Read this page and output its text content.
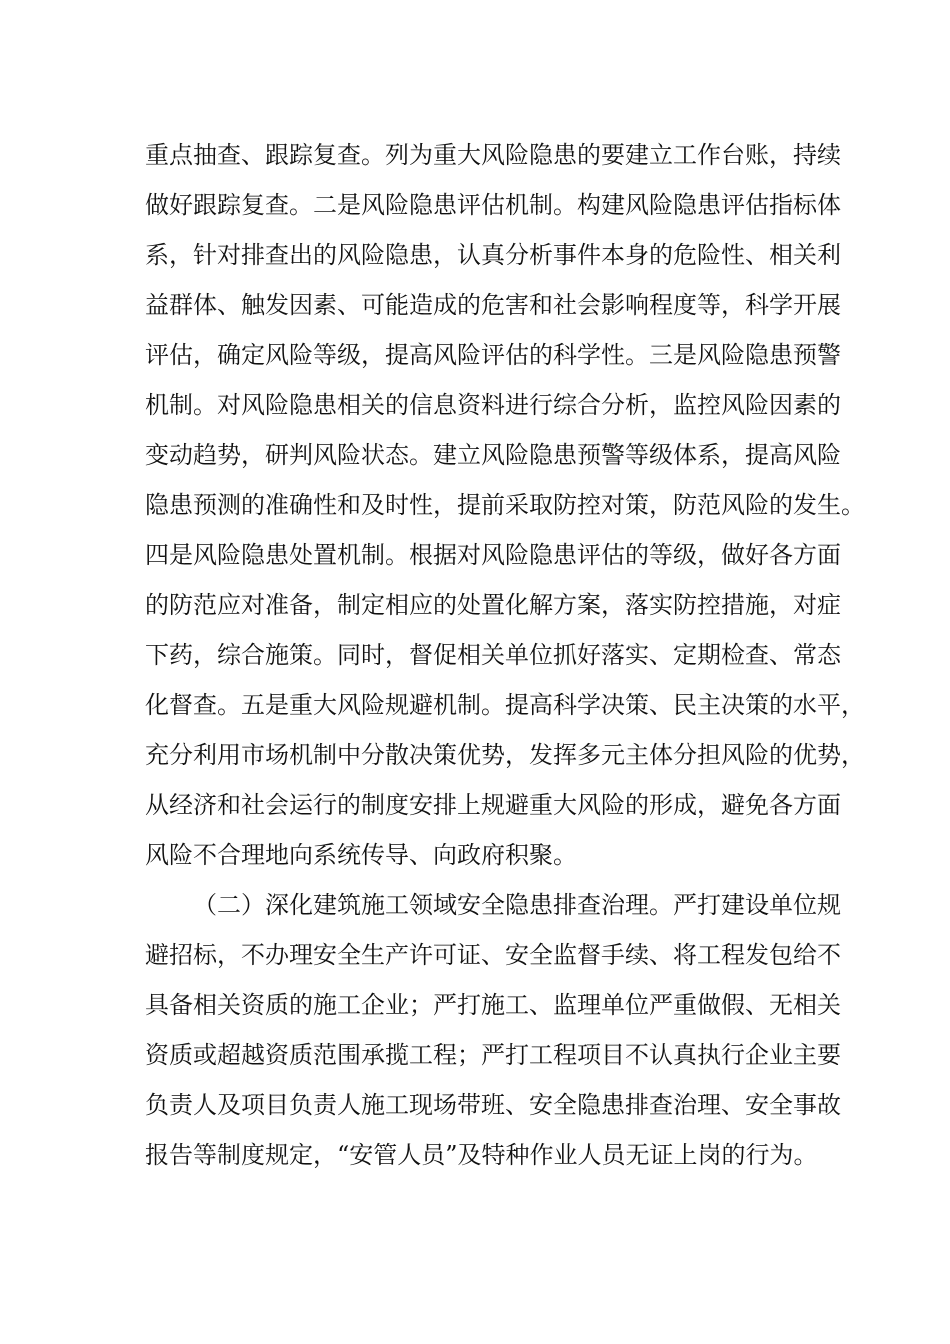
重点抽查、跟踪复查。列为重大风险隐患的要建立工作台账，持续
做好跟踪复查。二是风险隐患评估机制。构建风险隐患评估指标体
系，针对排查出的风险隐患，认真分析事件本身的危险性、相关利
益群体、触发因素、可能造成的危害和社会影响程度等，科学开展
评估，确定风险等级，提高风险评估的科学性。三是风险隐患预警
机制。对风险隐患相关的信息资料进行综合分析，监控风险因素的
变动趋势，研判风险状态。建立风险隐患预警等级体系，提高风险
隐患预测的准确性和及时性，提前采取防控对策，防范风险的发生。
四是风险隐患处置机制。根据对风险隐患评估的等级，做好各方面
的防范应对准备，制定相应的处置化解方案，落实防控措施，对症
下药，综合施策。同时，督促相关单位抓好落实、定期检查、常态
化督查。五是重大风险规避机制。提高科学决策、民主决策的水平，
充分利用市场机制中分散决策优势，发挥多元主体分担风险的优势，
从经济和社会运行的制度安排上规避重大风险的形成，避免各方面
风险不合理地向系统传导、向政府积聚。
（二）深化建筑施工领域安全隐患排查治理。严打建设单位规
避招标，不办理安全生产许可证、安全监督手续、将工程发包给不
具备相关资质的施工企业；严打施工、监理单位严重做假、无相关
资质或超越资质范围承揽工程；严打工程项目不认真执行企业主要
负责人及项目负责人施工现场带班、安全隐患排查治理、安全事故
报告等制度规定，“安管人员”及特种作业人员无证上岗的行为。
